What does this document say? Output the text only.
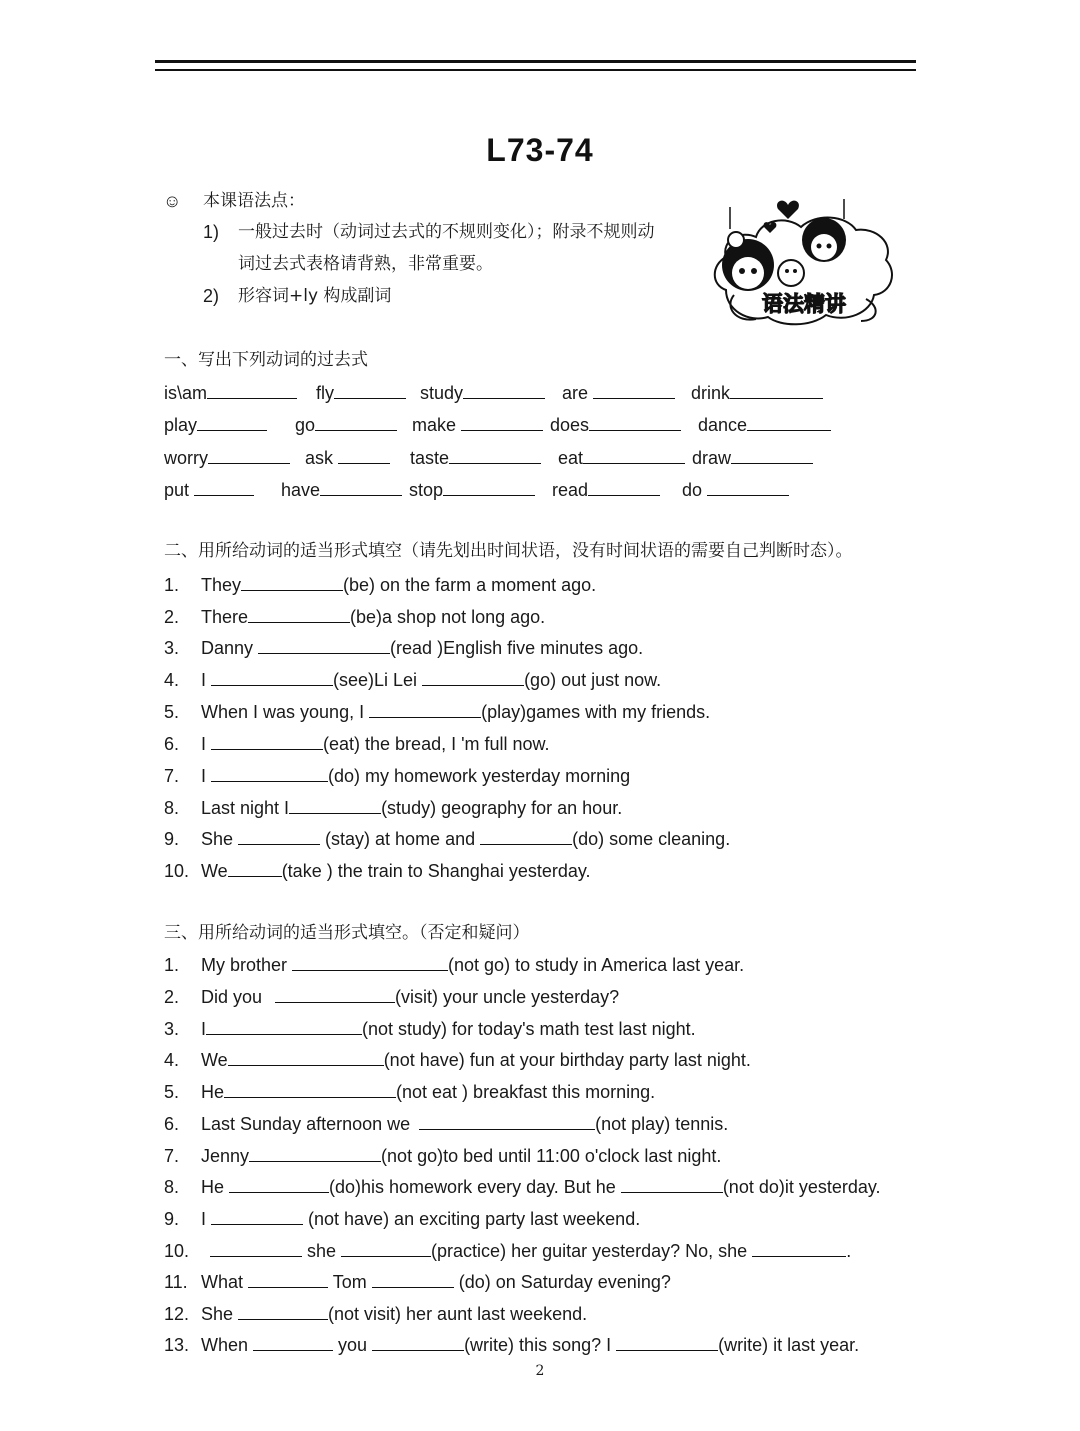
L73-74
☺ 本课语法点：
1) 一般过去时（动词过去式的不规则变化）；附录不规则动
词过去式表格请背熟，非常重要。
2) 形容词+ly 构成副词	语法精讲
一、写出下列动词的过去式
is\am	fly	study	are	drink
play	go	make	does	dance
worry	ask	taste	eat	draw
put	have	stop	read	do
二、用所给动词的适当形式填空（请先划出时间状语，没有时间状语的需要自己判断时态）。
1. They	(be) on the farm a moment ago.
2. There	(be)a shop not long ago.
3. Danny	(read )English five minutes ago.
4. I	(see)Li Lei	(go) out just now.
5. When I was young, I	(play)games with my friends.
6. I	(eat) the bread, I 'm full now.
7. I	(do) my homework yesterday morning
8. Last night I	(study) geography for an hour.
9. She	(stay) at home and	(do) some cleaning.
10. We	(take ) the train to Shanghai yesterday.
三、用所给动词的适当形式填空。（否定和疑问）
1. My brother	(not go) to study in America last year.
2. Did you	(visit) your uncle yesterday?
3. I	(not study) for today's math test last night.
4. We	(not have) fun at your birthday party last night.
5. He	(not eat ) breakfast this morning.
6. Last Sunday afternoon we	(not play) tennis.
7. Jenny	(not go)to bed until 11:00 o'clock last night.
8. He	(do)his homework every day. But he	(not do)it yesterday.
9. I	(not have) an exciting party last weekend.
10.	she	(practice) her guitar yesterday? No, she	.
11. What	Tom	(do) on Saturday evening?
12. She	(not visit) her aunt last weekend.
13. When	you	(write) this song? I	(write) it last year.
2
